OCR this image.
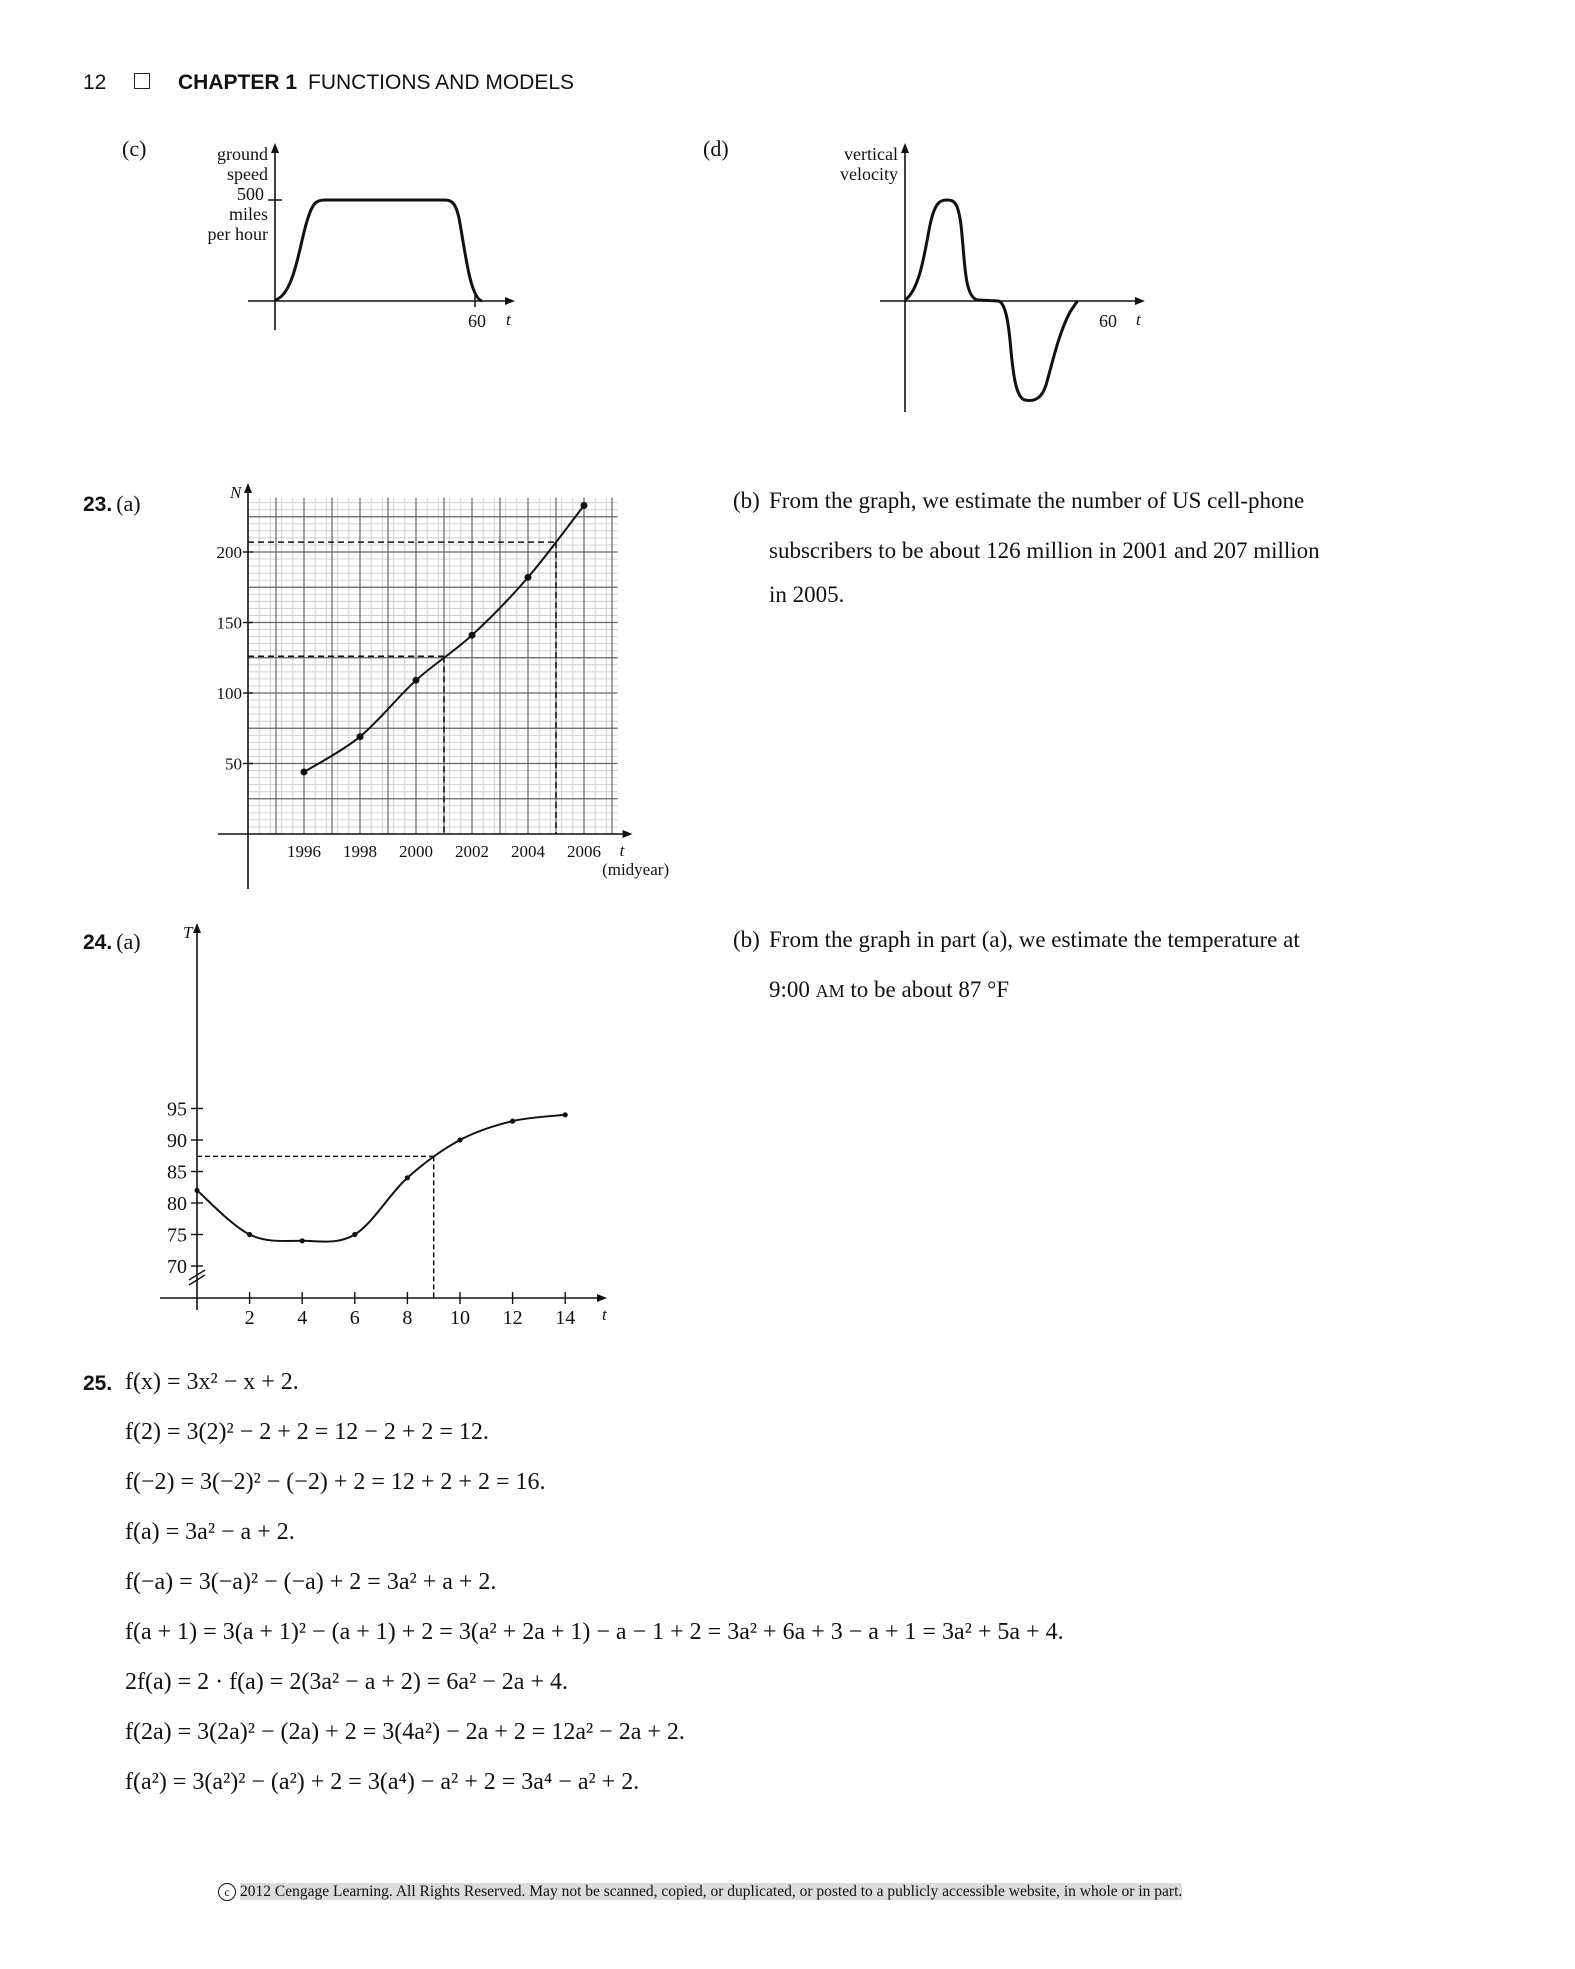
12	CHAPTER 1 FUNCTIONS AND MODELS
(c)	ground
speed
500
miles
per hour
60 t
(d)	vertical
velocity
60 t
23. (a)
50
100
150
200
1996 1998 2000 2002 2004 2006
N
t
(midyear)
(b) From the graph, we estimate the number of US cell-phone
subscribers to be about 126 million in 2001 and 207 million
in 2005.
24. (a)
70
75
80
85
90
95
2 4 6 8 10 12 14
T
t
(b) From the graph in part (a), we estimate the temperature at
9:00 AM to be about 87 °F
25. f(x) = 3x² − x + 2.
f(2) = 3(2)² − 2 + 2 = 12 − 2 + 2 = 12.
f(−2) = 3(−2)² − (−2) + 2 = 12 + 2 + 2 = 16.
f(a) = 3a² − a + 2.
f(−a) = 3(−a)² − (−a) + 2 = 3a² + a + 2.
f(a + 1) = 3(a + 1)² − (a + 1) + 2 = 3(a² + 2a + 1) − a − 1 + 2 = 3a² + 6a + 3 − a + 1 = 3a² + 5a + 4.
2f(a) = 2 · f(a) = 2(3a² − a + 2) = 6a² − 2a + 4.
f(2a) = 3(2a)² − (2a) + 2 = 3(4a²) − 2a + 2 = 12a² − 2a + 2.
f(a²) = 3(a²)² − (a²) + 2 = 3(a⁴) − a² + 2 = 3a⁴ − a² + 2.
c 2012 Cengage Learning. All Rights Reserved. May not be scanned, copied, or duplicated, or posted to a publicly accessible website, in whole or in part.
